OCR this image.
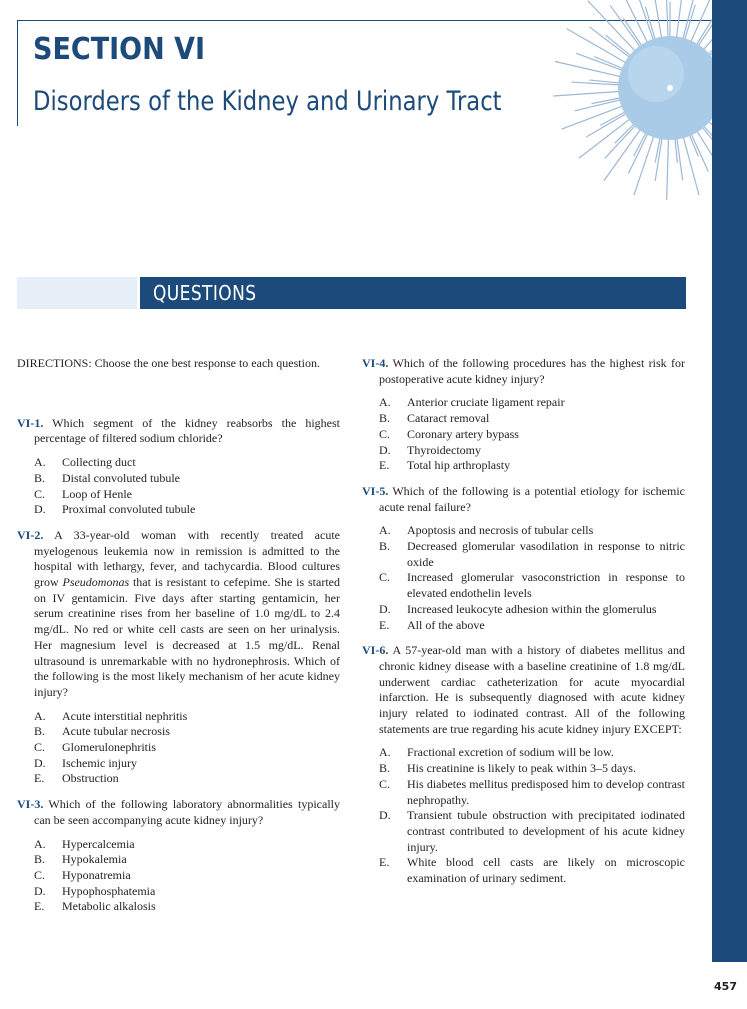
SECTION VI
Disorders of the Kidney and Urinary Tract
QUESTIONS

DIRECTIONS: Choose the one best response to each question.

VI-1. Which segment of the kidney reabsorbs the highest percentage of filtered sodium chloride?

A.	Collecting duct
B.	Distal convoluted tubule
C.	Loop of Henle
D.	Proximal convoluted tubule

VI-2. A 33-year-old woman with recently treated acute myelogenous leukemia now in remission is admitted to the hospital with lethargy, fever, and tachycardia. Blood cultures grow Pseudomonas that is resistant to cefepime. She is started on IV gentamicin. Five days after starting gentamicin, her serum creatinine rises from her baseline of 1.0 mg/dL to 2.4 mg/dL. No red or white cell casts are seen on her urinalysis. Her magnesium level is decreased at 1.5 mg/dL. Renal ultrasound is unremarkable with no hydronephrosis. Which of the following is the most likely mechanism of her acute kidney injury?

A.	Acute interstitial nephritis
B.	Acute tubular necrosis
C.	Glomerulonephritis
D.	Ischemic injury
E.	Obstruction

VI-3. Which of the following laboratory abnormalities typically can be seen accompanying acute kidney injury?

A.	Hypercalcemia
B.	Hypokalemia
C.	Hyponatremia
D.	Hypophosphatemia
E.	Metabolic alkalosis

VI-4. Which of the following procedures has the highest risk for postoperative acute kidney injury?

A.	Anterior cruciate ligament repair
B.	Cataract removal
C.	Coronary artery bypass
D.	Thyroidectomy
E.	Total hip arthroplasty

VI-5. Which of the following is a potential etiology for ischemic acute renal failure?

A.	Apoptosis and necrosis of tubular cells
B.	Decreased glomerular vasodilation in response to nitric oxide
C.	Increased glomerular vasoconstriction in response to elevated endothelin levels
D.	Increased leukocyte adhesion within the glomerulus
E.	All of the above

VI-6. A 57-year-old man with a history of diabetes mellitus and chronic kidney disease with a baseline creatinine of 1.8 mg/dL underwent cardiac catheterization for acute myocardial infarction. He is subsequently diagnosed with acute kidney injury related to iodinated contrast. All of the following statements are true regarding his acute kidney injury EXCEPT:

A.	Fractional excretion of sodium will be low.
B.	His creatinine is likely to peak within 3–5 days.
C.	His diabetes mellitus predisposed him to develop contrast nephropathy.
D.	Transient tubule obstruction with precipitated iodinated contrast contributed to development of his acute kidney injury.
E.	White blood cell casts are likely on microscopic examination of urinary sediment.
457
